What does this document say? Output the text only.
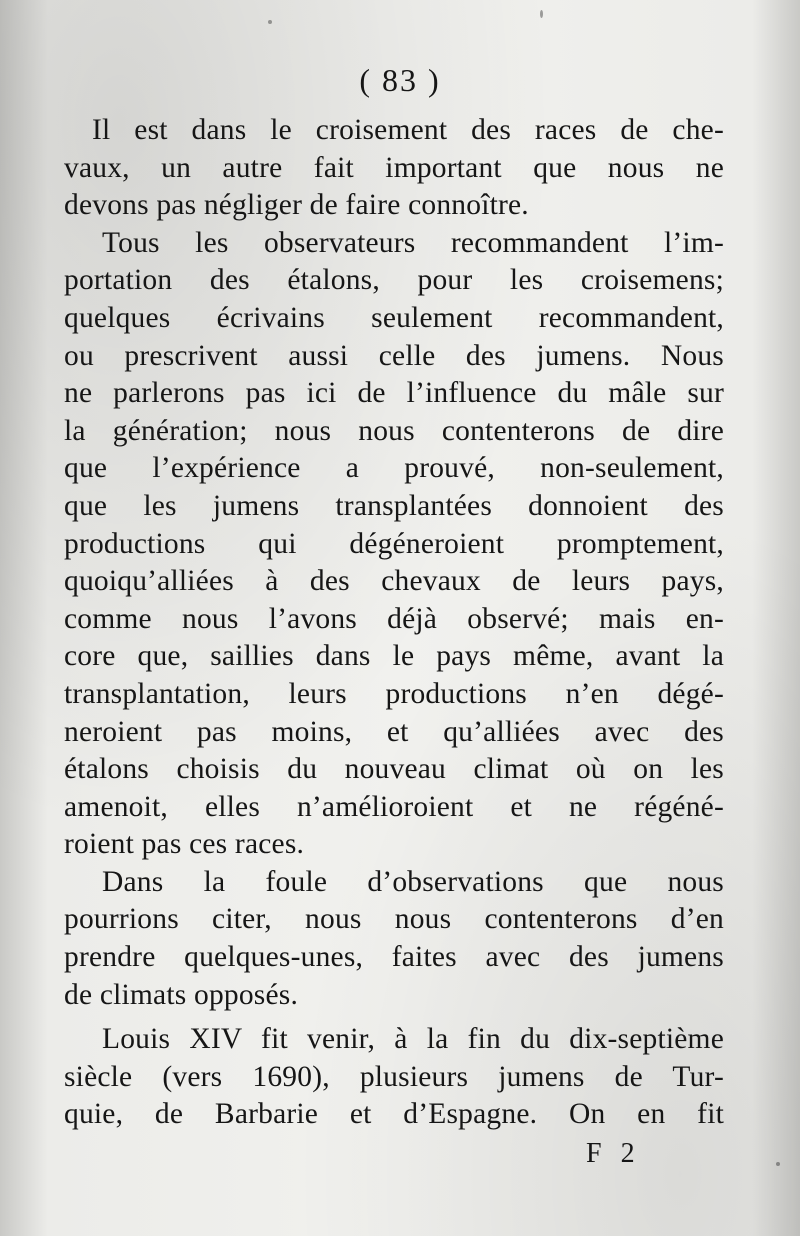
( 83 )
Il est dans le croisement des races de che-
vaux, un autre fait important que nous ne
devons pas négliger de faire connoître.
Tous les observateurs recommandent l’im-
portation des étalons, pour les croisemens;
quelques écrivains seulement recommandent,
ou prescrivent aussi celle des jumens. Nous
ne parlerons pas ici de l’influence du mâle sur
la génération; nous nous contenterons de dire
que l’expérience a prouvé, non-seulement,
que les jumens transplantées donnoient des
productions qui dégéneroient promptement,
quoiqu’alliées à des chevaux de leurs pays,
comme nous l’avons déjà observé; mais en-
core que, saillies dans le pays même, avant la
transplantation, leurs productions n’en dégé-
neroient pas moins, et qu’alliées avec des
étalons choisis du nouveau climat où on les
amenoit, elles n’amélioroient et ne régéné-
roient pas ces races.
Dans la foule d’observations que nous
pourrions citer, nous nous contenterons d’en
prendre quelques-unes, faites avec des jumens
de climats opposés.
Louis XIV fit venir, à la fin du dix-septième
siècle (vers 1690), plusieurs jumens de Tur-
quie, de Barbarie et d’Espagne. On en fit
F 2
